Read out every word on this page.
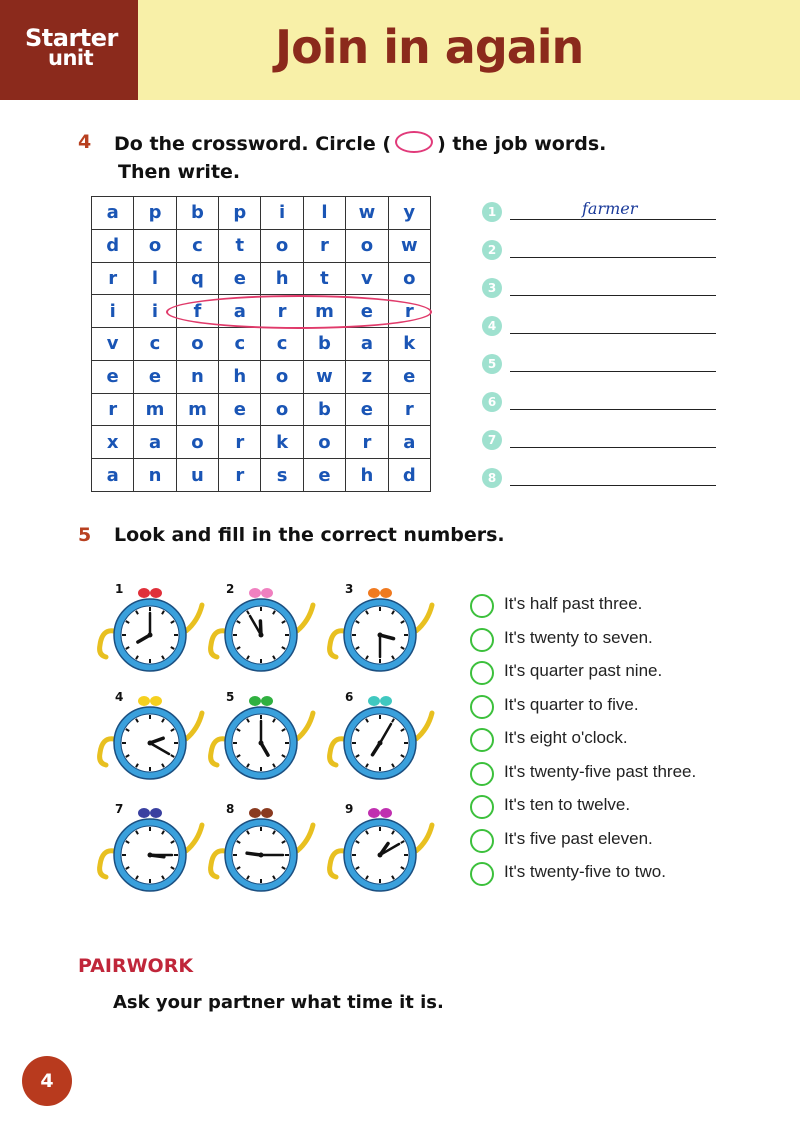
Starter
unit	Join in again
4 Do the crossword. Circle ( ) the job words.
Then write.
a	p	b	p	i	l	w	y
d	o	c	t	o	r	o	w
r	l	q	e	h	t	v	o
i	i	f	a	r	m	e	r
v	c	o	c	c	b	a	k
e	e	n	h	o	w	z	e
r	m	m	e	o	b	e	r
x	a	o	r	k	o	r	a
a	n	u	r	s	e	h	d
1	farmer
2
3
4
5
6
7
8
5 Look and fill in the correct numbers.
1	2	3
4	5	6
7	8	9
It's half past three.
It's twenty to seven.
It's quarter past nine.
It's quarter to five.
It's eight o'clock.
It's twenty-five past three.
It's ten to twelve.
It's five past eleven.
It's twenty-five to two.
PAIRWORK
Ask your partner what time it is.
4
